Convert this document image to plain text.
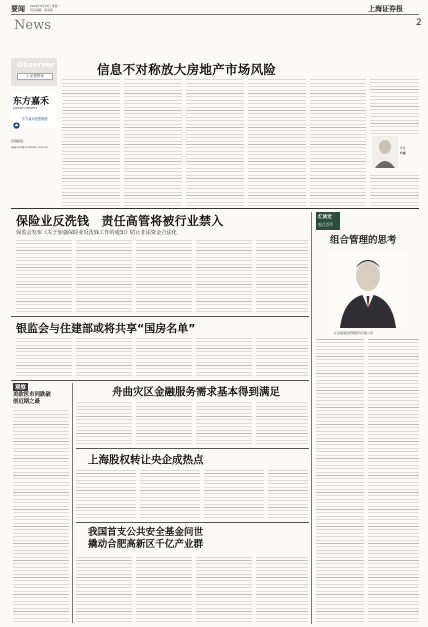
要闻 2016年4月15日 星期一
责任编辑：刘永刚
News
上海证券报
2
Observer
上证观察家
东方嘉禾
ORIENT HARVEST
东方嘉禾投资集团
投稿邮箱：
sjjguan@cnstock.com.cn
信息不对称放大房地产市场风险
作者
叶檀
保险业反洗钱　责任高管将被行业禁入
保监会发布《关于加强保险业反洗钱工作的通知》防止非法资金合法化
银监会与住建部或将共享“国房名单”
观察
美欧医市同跌破
创近期之最
舟曲灾区金融服务需求基本得到满足
上海股权转让央企成热点
我国首支公共安全基金问世
撬动合肥高新区千亿产业群
汇谈宏
观点荟萃
组合管理的思考
汇添富基金管理股份有限公司
